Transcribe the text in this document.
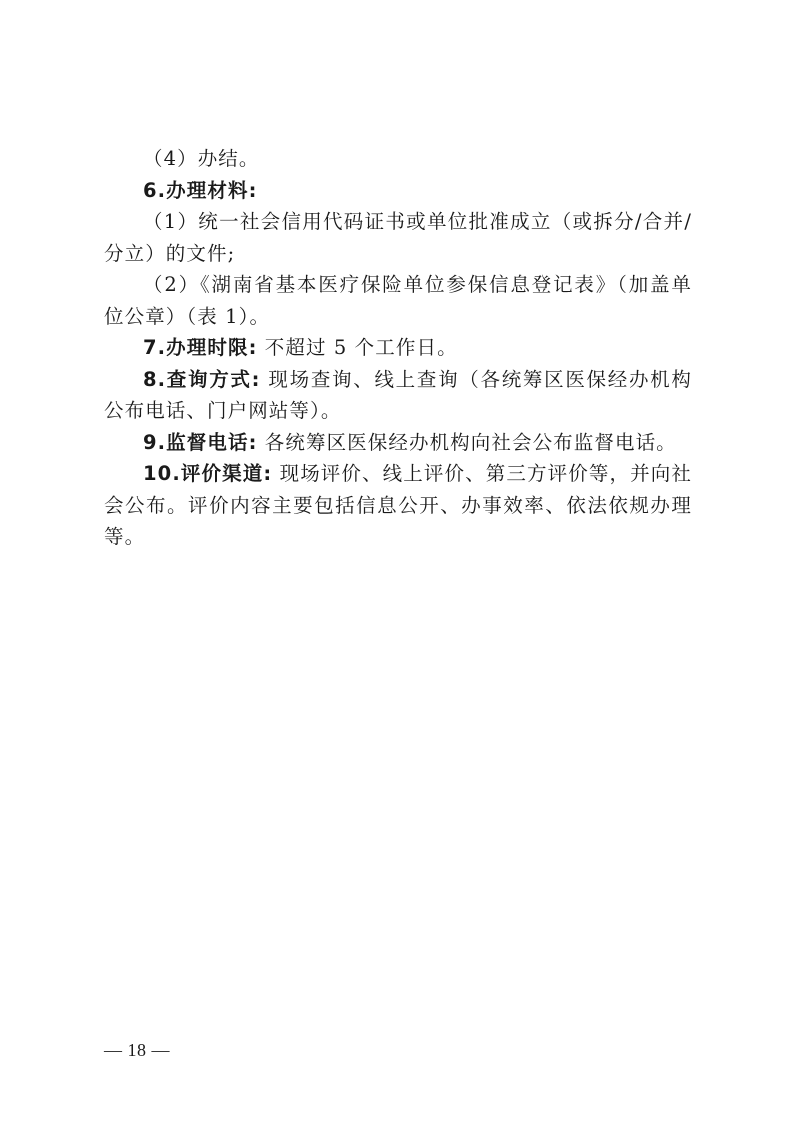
（4）办结。

6.办理材料:

（1）统一社会信用代码证书或单位批准成立（或拆分/合并/分立）的文件;

（2）《湖南省基本医疗保险单位参保信息登记表》（加盖单位公章）（表 1）。

7.办理时限: 不超过 5 个工作日。

8.查询方式: 现场查询、线上查询（各统筹区医保经办机构公布电话、门户网站等）。

9.监督电话: 各统筹区医保经办机构向社会公布监督电话。

10.评价渠道: 现场评价、线上评价、第三方评价等，并向社会公布。评价内容主要包括信息公开、办事效率、依法依规办理等。

— 18 —
